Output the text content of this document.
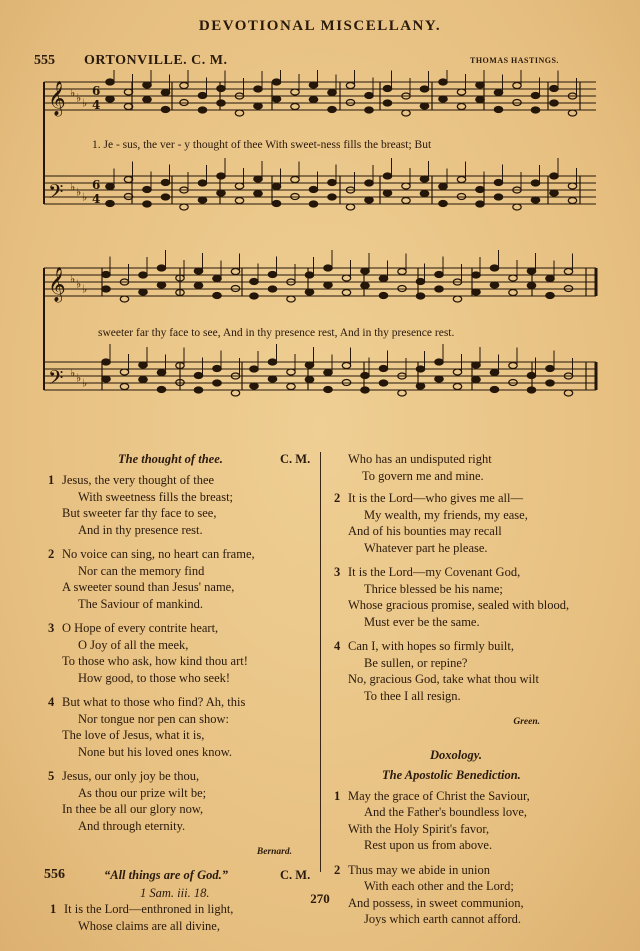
DEVOTIONAL MISCELLANY.
555 ORTONVILLE. C. M.	THOMAS HASTINGS.
𝄞 ♭ ♭ ♭
6
4
𝄢 ♭ ♭ ♭
6
4
𝄞 ♭ ♭ ♭
𝄢 ♭ ♭ ♭
1. Je - sus, the ver - y thought of thee With sweet-ness fills the breast; But
sweeter far thy face to see, And in thy presence rest, And in thy presence rest.
The thought of thee.	C. M.
1 Jesus, the very thought of thee
With sweetness fills the breast;
But sweeter far thy face to see,
And in thy presence rest.
2 No voice can sing, no heart can frame,
Nor can the memory find
A sweeter sound than Jesus' name,
The Saviour of mankind.
3 O Hope of every contrite heart,
O Joy of all the meek,
To those who ask, how kind thou art!
How good, to those who seek!
4 But what to those who find? Ah, this
Nor tongue nor pen can show:
The love of Jesus, what it is,
None but his loved ones know.
5 Jesus, our only joy be thou,
As thou our prize wilt be;
In thee be all our glory now,
And through eternity.
Bernard.
556	“All things are of God.”	C. M.
1 Sam. iii. 18.
1 It is the Lord—enthroned in light,
Whose claims are all divine,
Who has an undisputed right
To govern me and mine.
2 It is the Lord—who gives me all—
My wealth, my friends, my ease,
And of his bounties may recall
Whatever part he please.
3 It is the Lord—my Covenant God,
Thrice blessed be his name;
Whose gracious promise, sealed with blood,
Must ever be the same.
4 Can I, with hopes so firmly built,
Be sullen, or repine?
No, gracious God, take what thou wilt
To thee I all resign.
Green.
Doxology.
The Apostolic Benediction.
1 May the grace of Christ the Saviour,
And the Father's boundless love,
With the Holy Spirit's favor,
Rest upon us from above.
2 Thus may we abide in union
With each other and the Lord;
And possess, in sweet communion,
Joys which earth cannot afford.
270
